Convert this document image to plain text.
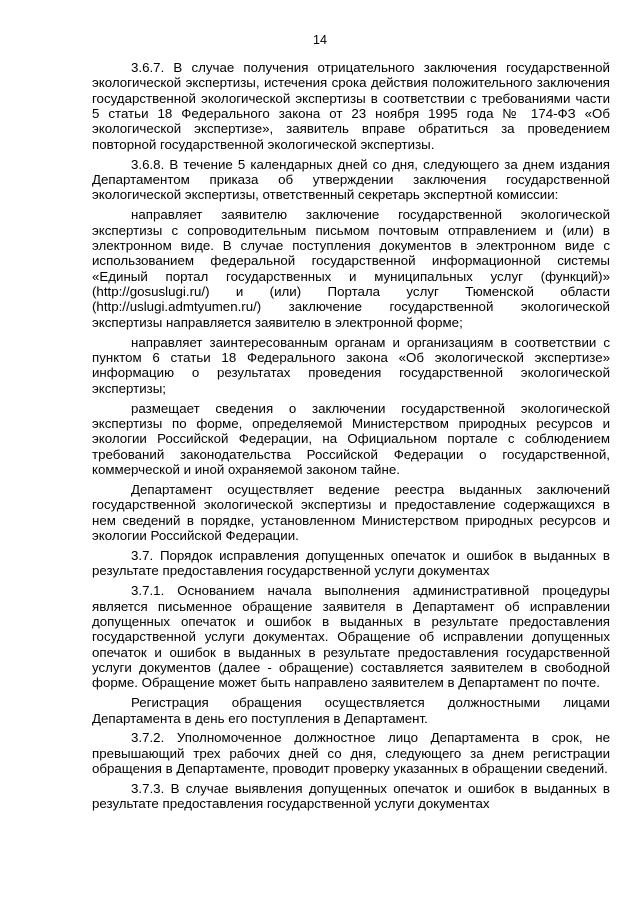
14

3.6.7. В случае получения отрицательного заключения государственной экологической экспертизы, истечения срока действия положительного заключения государственной экологической экспертизы в соответствии с требованиями части 5 статьи 18 Федерального закона от 23 ноября 1995 года № 174-ФЗ «Об экологической экспертизе», заявитель вправе обратиться за проведением повторной государственной экологической экспертизы.

3.6.8. В течение 5 календарных дней со дня, следующего за днем издания Департаментом приказа об утверждении заключения государственной экологической экспертизы, ответственный секретарь экспертной комиссии:

направляет заявителю заключение государственной экологической экспертизы с сопроводительным письмом почтовым отправлением и (или) в электронном виде. В случае поступления документов в электронном виде с использованием федеральной государственной информационной системы «Единый портал государственных и муниципальных услуг (функций)» (http://gosuslugi.ru/) и (или) Портала услуг Тюменской области (http://uslugi.admtyumen.ru/) заключение государственной экологической экспертизы направляется заявителю в электронной форме;

направляет заинтересованным органам и организациям в соответствии с пунктом 6 статьи 18 Федерального закона «Об экологической экспертизе» информацию о результатах проведения государственной экологической экспертизы;

размещает сведения о заключении государственной экологической экспертизы по форме, определяемой Министерством природных ресурсов и экологии Российской Федерации, на Официальном портале с соблюдением требований законодательства Российской Федерации о государственной, коммерческой и иной охраняемой законом тайне.

Департамент осуществляет ведение реестра выданных заключений государственной экологической экспертизы и предоставление содержащихся в нем сведений в порядке, установленном Министерством природных ресурсов и экологии Российской Федерации.

3.7. Порядок исправления допущенных опечаток и ошибок в выданных в результате предоставления государственной услуги документах

3.7.1. Основанием начала выполнения административной процедуры является письменное обращение заявителя в Департамент об исправлении допущенных опечаток и ошибок в выданных в результате предоставления государственной услуги документах. Обращение об исправлении допущенных опечаток и ошибок в выданных в результате предоставления государственной услуги документов (далее - обращение) составляется заявителем в свободной форме. Обращение может быть направлено заявителем в Департамент по почте.

Регистрация обращения осуществляется должностными лицами Департамента в день его поступления в Департамент.

3.7.2. Уполномоченное должностное лицо Департамента в срок, не превышающий трех рабочих дней со дня, следующего за днем регистрации обращения в Департаменте, проводит проверку указанных в обращении сведений.

3.7.3. В случае выявления допущенных опечаток и ошибок в выданных в результате предоставления государственной услуги документах
